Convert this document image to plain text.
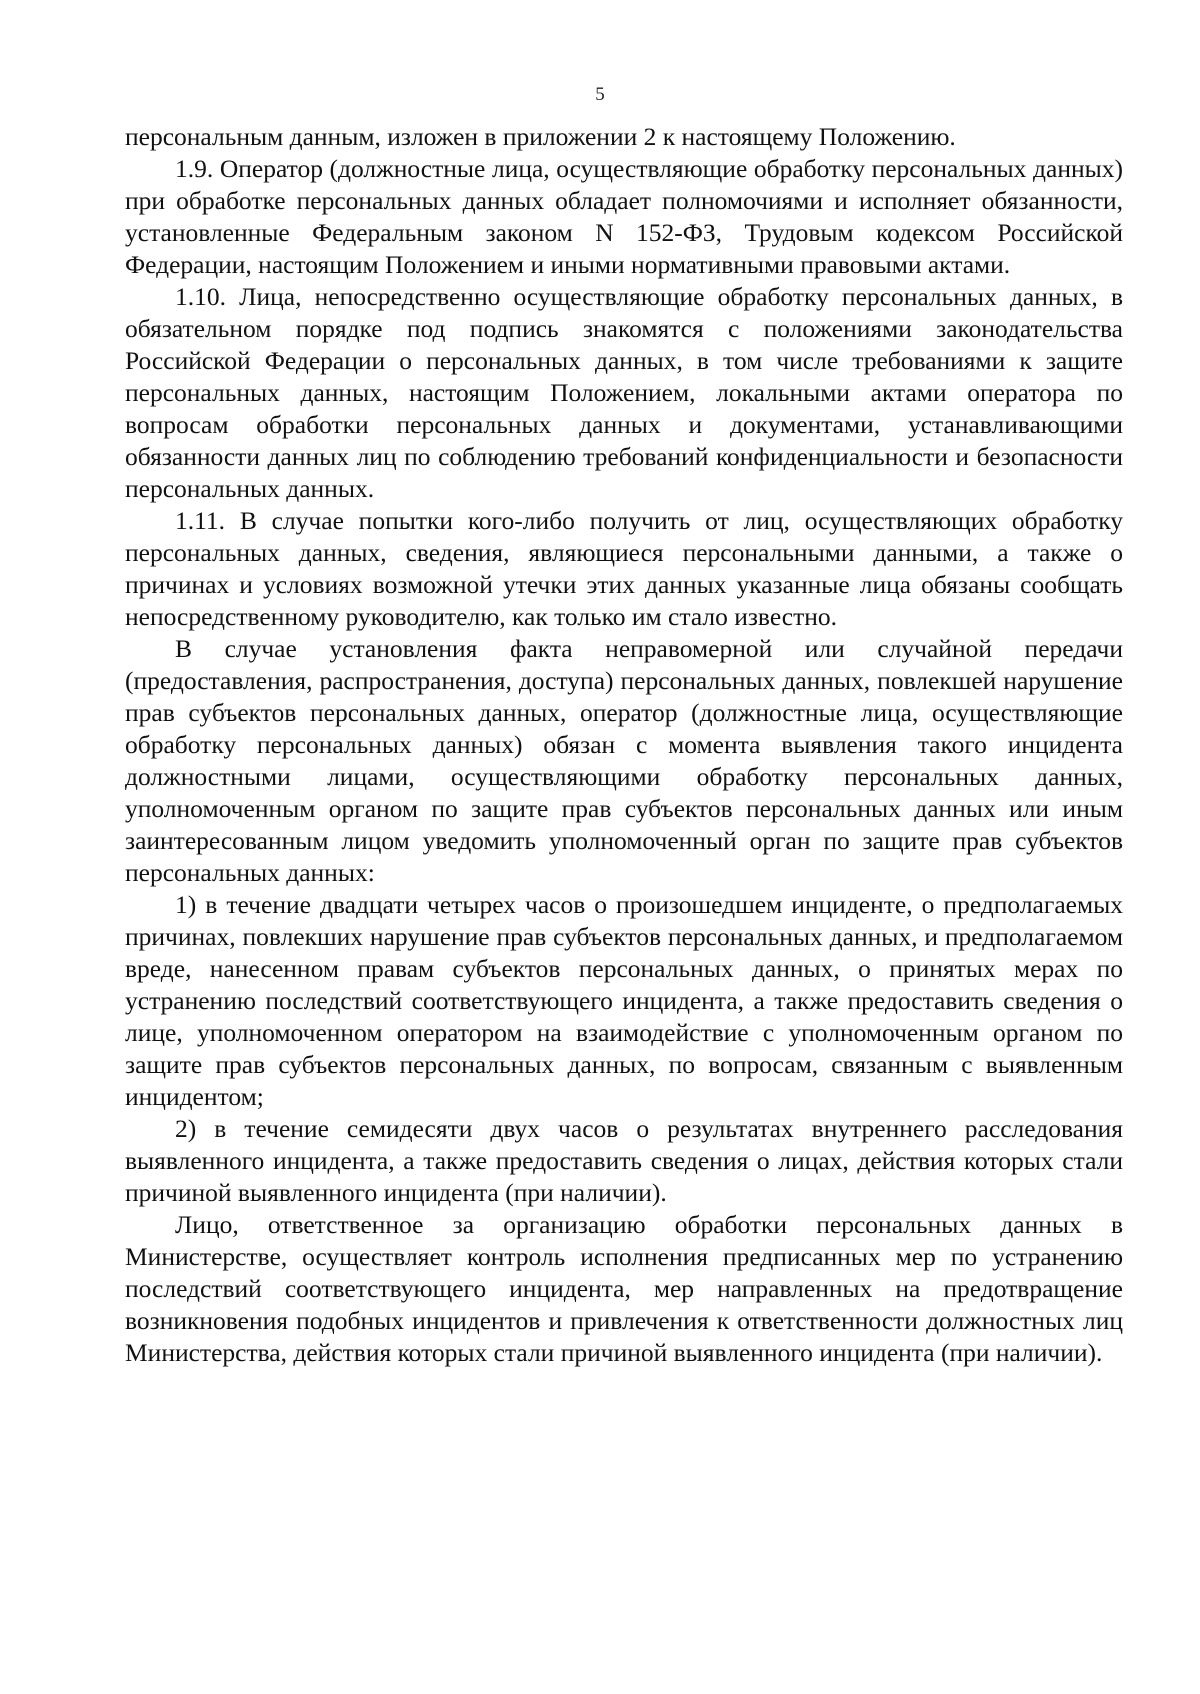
5

персональным данным, изложен в приложении 2 к настоящему Положению.

1.9. Оператор (должностные лица, осуществляющие обработку персональных данных) при обработке персональных данных обладает полномочиями и исполняет обязанности, установленные Федеральным законом N 152-ФЗ, Трудовым кодексом Российской Федерации, настоящим Положением и иными нормативными правовыми актами.

1.10. Лица, непосредственно осуществляющие обработку персональных данных, в обязательном порядке под подпись знакомятся с положениями законодательства Российской Федерации о персональных данных, в том числе требованиями к защите персональных данных, настоящим Положением, локальными актами оператора по вопросам обработки персональных данных и документами, устанавливающими обязанности данных лиц по соблюдению требований конфиденциальности и безопасности персональных данных.

1.11. В случае попытки кого-либо получить от лиц, осуществляющих обработку персональных данных, сведения, являющиеся персональными данными, а также о причинах и условиях возможной утечки этих данных указанные лица обязаны сообщать непосредственному руководителю, как только им стало известно.

В случае установления факта неправомерной или случайной передачи (предоставления, распространения, доступа) персональных данных, повлекшей нарушение прав субъектов персональных данных, оператор (должностные лица, осуществляющие обработку персональных данных) обязан с момента выявления такого инцидента должностными лицами, осуществляющими обработку персональных данных, уполномоченным органом по защите прав субъектов персональных данных или иным заинтересованным лицом уведомить уполномоченный орган по защите прав субъектов персональных данных:

1) в течение двадцати четырех часов о произошедшем инциденте, о предполагаемых причинах, повлекших нарушение прав субъектов персональных данных, и предполагаемом вреде, нанесенном правам субъектов персональных данных, о принятых мерах по устранению последствий соответствующего инцидента, а также предоставить сведения о лице, уполномоченном оператором на взаимодействие с уполномоченным органом по защите прав субъектов персональных данных, по вопросам, связанным с выявленным инцидентом;

2) в течение семидесяти двух часов о результатах внутреннего расследования выявленного инцидента, а также предоставить сведения о лицах, действия которых стали причиной выявленного инцидента (при наличии).

Лицо, ответственное за организацию обработки персональных данных в Министерстве, осуществляет контроль исполнения предписанных мер по устранению последствий соответствующего инцидента, мер направленных на предотвращение возникновения подобных инцидентов и привлечения к ответственности должностных лиц Министерства, действия которых стали причиной выявленного инцидента (при наличии).
